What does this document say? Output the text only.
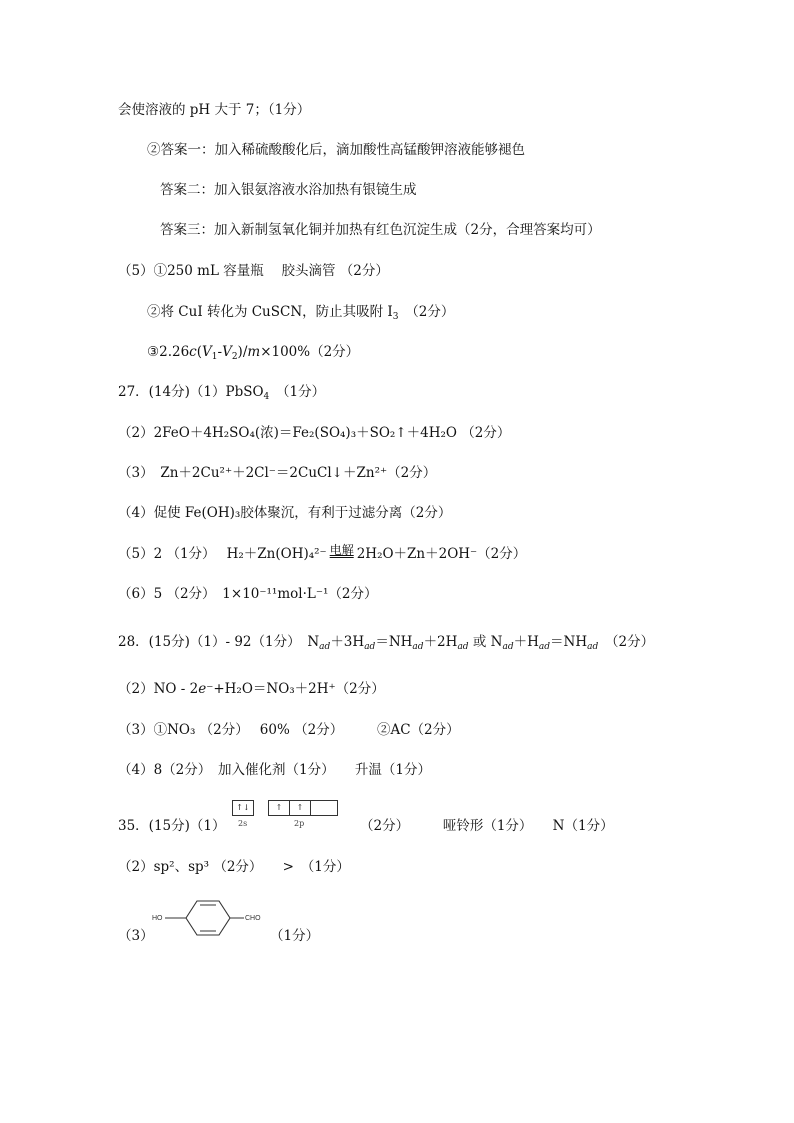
会使溶液的 pH 大于 7；（1分）
②答案一：加入稀硫酸酸化后，滴加酸性高锰酸钾溶液能够褪色
答案二：加入银氨溶液水浴加热有银镜生成
答案三：加入新制氢氧化铜并加热有红色沉淀生成（2分，合理答案均可）
（5）①250 mL 容量瓶　 胶头滴管 （2分）
②将 CuI 转化为 CuSCN，防止其吸附 $I_3$　 （2分）
$③2.26c(V_1-V_2)/m\times 100\%(2$分）
27．(14分)（1）PbSO$_4$　 （1分）
（2）2FeO＋4H₂SO₄(浓)＝Fe₂(SO₄)₃＋SO₂↑＋4H₂O （2分）
（3）　Zn＋2Cu²⁺＋2Cl⁻＝2CuCl↓＋Zn²⁺（2分）
（4）促使 Fe(OH)₃胶体聚沉，有利于过滤分离（2分）
（5）2 （1分）　 H₂＋Zn(OH)₄²⁻ 电解 2H₂O＋Zn＋2OH⁻（2分）
（6）5 （2分）　1×10⁻¹¹mol·L⁻¹（2分）
28．(15分)（1）- 92（1分）　$N_{ad}+3H_{ad}=NH_{ad}+2H_{ad}$ 或 $N_{ad}+H_{ad}=NH_{ad}$　 （2分）
（2）NO - 2e⁻+H₂O＝NO₃＋2H⁺（2分）
（3）①NO₃ （2分）　 60% （2分）　　　②AC（2分）
（4）8（2分）　加入催化剂（1分）　　升温（1分）
35．(15分)（1）
↑↓	↑	↑
2s	2p	（2分）　　　哑铃形（1分）　　N（1分）
（2）sp²、sp³ （2分）　　>　（1分）
（3）
HO	CHO
（1分）
